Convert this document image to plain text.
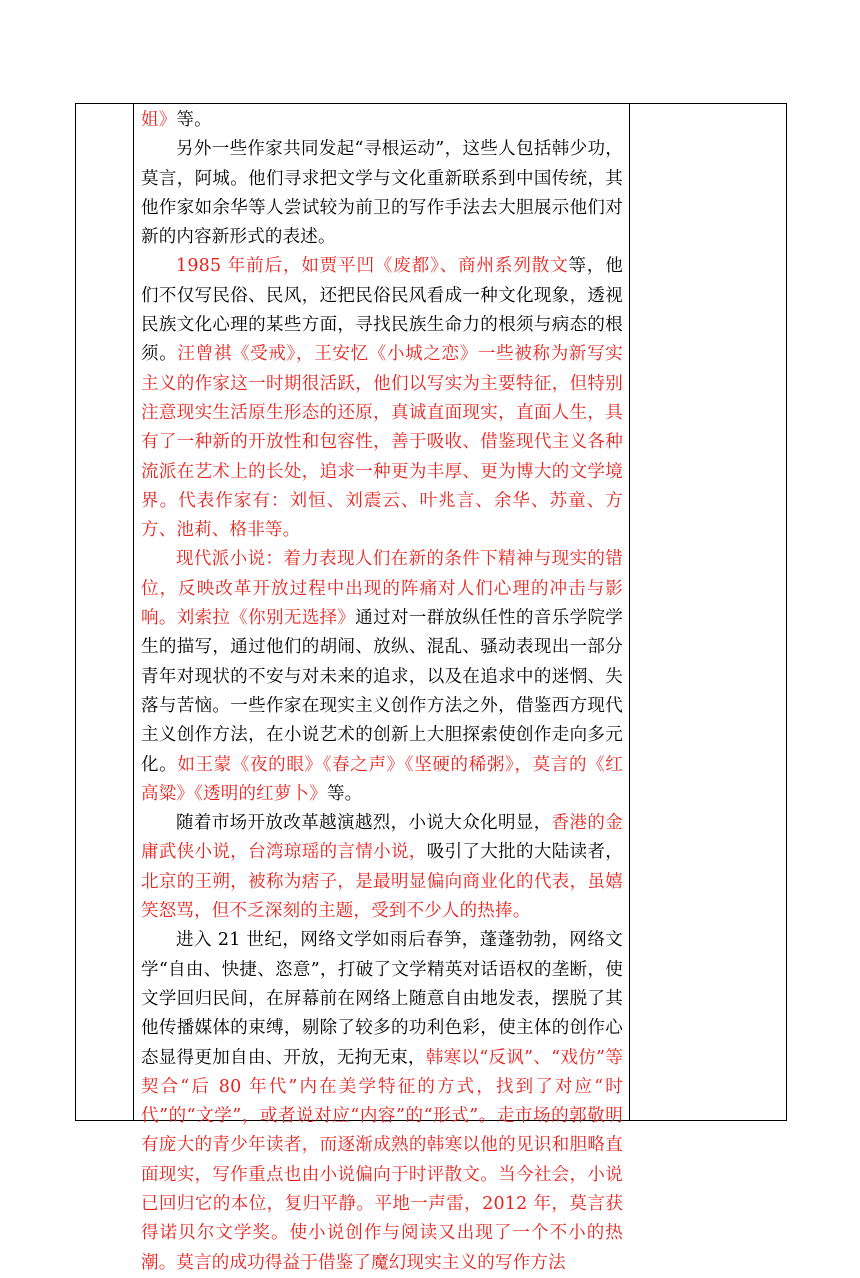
姐》等。

另外一些作家共同发起“寻根运动”，这些人包括韩少功，莫言，阿城。他们寻求把文学与文化重新联系到中国传统，其他作家如余华等人尝试较为前卫的写作手法去大胆展示他们对新的内容新形式的表述。

1985 年前后，如贾平凹《废都》、商州系列散文等，他们不仅写民俗、民风，还把民俗民风看成一种文化现象，透视民族文化心理的某些方面，寻找民族生命力的根须与病态的根须。汪曾祺《受戒》，王安忆《小城之恋》一些被称为新写实主义的作家这一时期很活跃，他们以写实为主要特征，但特别注意现实生活原生形态的还原，真诚直面现实，直面人生，具有了一种新的开放性和包容性，善于吸收、借鉴现代主义各种流派在艺术上的长处，追求一种更为丰厚、更为博大的文学境界。代表作家有：刘恒、刘震云、叶兆言、余华、苏童、方方、池莉、格非等。

现代派小说：着力表现人们在新的条件下精神与现实的错位，反映改革开放过程中出现的阵痛对人们心理的冲击与影响。刘索拉《你别无选择》通过对一群放纵任性的音乐学院学生的描写，通过他们的胡闹、放纵、混乱、骚动表现出一部分青年对现状的不安与对未来的追求，以及在追求中的迷惘、失落与苦恼。一些作家在现实主义创作方法之外，借鉴西方现代主义创作方法，在小说艺术的创新上大胆探索使创作走向多元化。如王蒙《夜的眼》《春之声》《坚硬的稀粥》，莫言的《红高粱》《透明的红萝卜》等。

随着市场开放改革越演越烈，小说大众化明显，香港的金庸武侠小说，台湾琼瑶的言情小说，吸引了大批的大陆读者，北京的王朔，被称为痞子，是最明显偏向商业化的代表，虽嬉笑怒骂，但不乏深刻的主题，受到不少人的热捧。

进入 21 世纪，网络文学如雨后春笋，蓬蓬勃勃，网络文学“自由、快捷、恣意”，打破了文学精英对话语权的垄断，使文学回归民间，在屏幕前在网络上随意自由地发表，摆脱了其他传播媒体的束缚，剔除了较多的功利色彩，使主体的创作心态显得更加自由、开放，无拘无束，韩寒以“反讽”、“戏仿”等契合“后 80 年代”内在美学特征的方式，找到了对应“时代”的“文学”，或者说对应“内容”的“形式”。走市场的郭敬明有庞大的青少年读者，而逐渐成熟的韩寒以他的见识和胆略直面现实，写作重点也由小说偏向于时评散文。当今社会，小说已回归它的本位，复归平静。平地一声雷，2012 年，莫言获得诺贝尔文学奖。使小说创作与阅读又出现了一个不小的热潮。莫言的成功得益于借鉴了魔幻现实主义的写作方法
